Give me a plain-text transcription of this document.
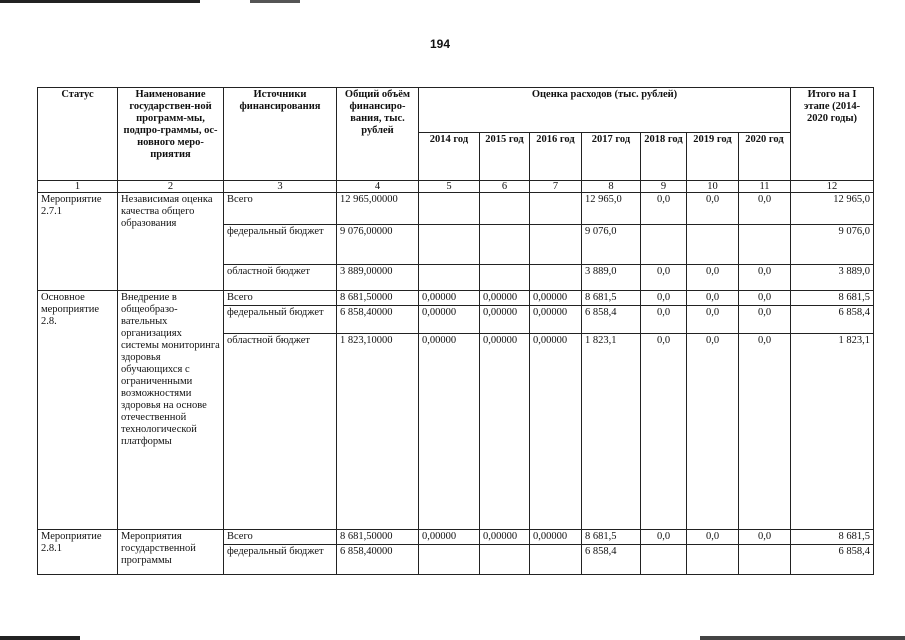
194
Статус	Наименование государствен-ной программ-мы, подпро-граммы, ос-новного меро-приятия	Источники финансирования	Общий объём финансиро-вания, тыс. рублей	Оценка расходов (тыс. рублей)							Итого на I этапе (2014-2020 годы)
				2014 год	2015 год	2016 год	2017 год	2018 год	2019 год	2020 год	
1	2	3	4	5	6	7	8	9	10	11	12
Мероприятие 2.7.1	Независимая оценка качества общего образования	Всего	12 965,00000				12 965,0	0,0	0,0	0,0	12 965,0
		федеральный бюджет	9 076,00000				9 076,0				9 076,0
		областной бюджет	3 889,00000				3 889,0	0,0	0,0	0,0	3 889,0
Основное мероприятие 2.8.	Внедрение в общеобразо-вательных организациях системы мониторинга здоровья обучающихся с ограниченными возможностями здоровья на основе отечественной технологической платформы	Всего	8 681,50000	0,00000	0,00000	0,00000	8 681,5	0,0	0,0	0,0	8 681,5
		федеральный бюджет	6 858,40000	0,00000	0,00000	0,00000	6 858,4	0,0	0,0	0,0	6 858,4
		областной бюджет	1 823,10000	0,00000	0,00000	0,00000	1 823,1	0,0	0,0	0,0	1 823,1
Мероприятие 2.8.1	Мероприятия государственной программы	Всего	8 681,50000	0,00000	0,00000	0,00000	8 681,5	0,0	0,0	0,0	8 681,5
		федеральный бюджет	6 858,40000				6 858,4				6 858,4
